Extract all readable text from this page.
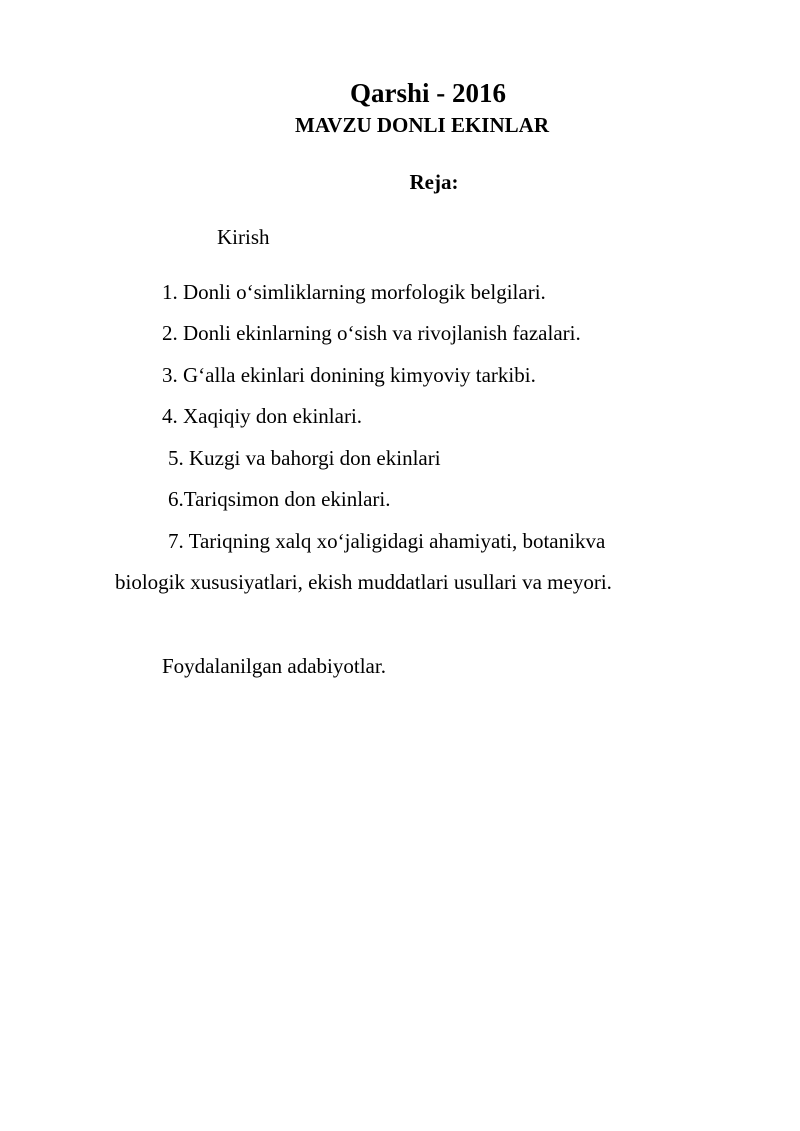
Qarshi - 2016

MAVZU DONLI EKINLAR

Reja:

Kirish

1. Donli o‘simliklarning morfologik belgilari.

2. Donli ekinlarning o‘sish va rivojlanish fazalari.

3. G‘alla ekinlari donining kimyoviy tarkibi.

4. Xaqiqiy don ekinlari.

5. Kuzgi va bahorgi don ekinlari

6.Tariqsimon don ekinlari.

7. Tariqning xalq xo‘jaligidagi ahamiyati, botanikva

biologik xususiyatlari, ekish muddatlari usullari va meyori.

Foydalanilgan adabiyotlar.
